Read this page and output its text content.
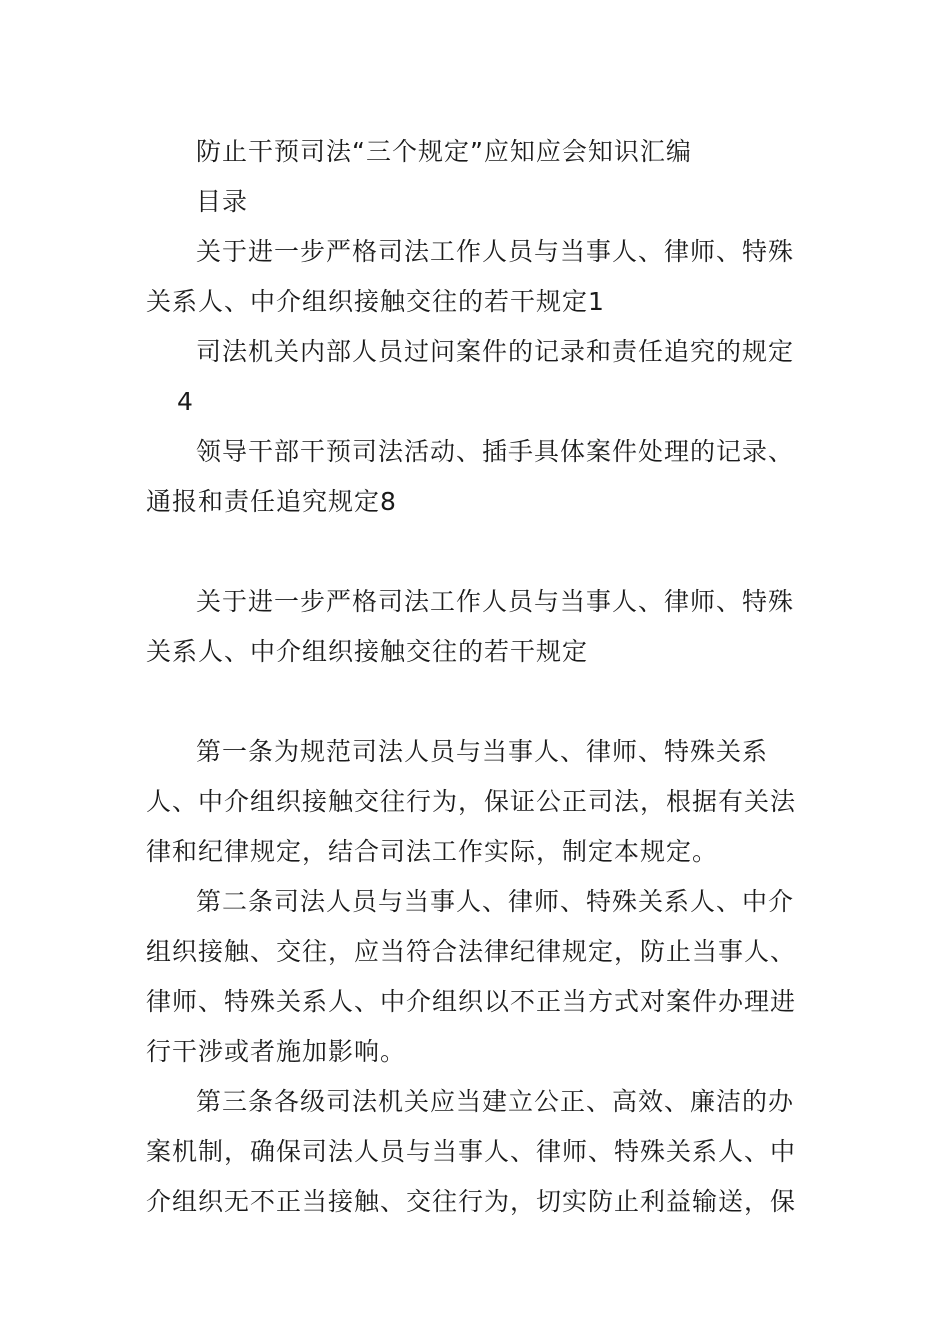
防止干预司法“三个规定”应知应会知识汇编
目录
关于进一步严格司法工作人员与当事人、律师、特殊
关系人、中介组织接触交往的若干规定1
司法机关内部人员过问案件的记录和责任追究的规定
4
领导干部干预司法活动、插手具体案件处理的记录、
通报和责任追究规定8
关于进一步严格司法工作人员与当事人、律师、特殊
关系人、中介组织接触交往的若干规定
第一条为规范司法人员与当事人、律师、特殊关系
人、中介组织接触交往行为，保证公正司法，根据有关法
律和纪律规定，结合司法工作实际，制定本规定。
第二条司法人员与当事人、律师、特殊关系人、中介
组织接触、交往，应当符合法律纪律规定，防止当事人、
律师、特殊关系人、中介组织以不正当方式对案件办理进
行干涉或者施加影响。
第三条各级司法机关应当建立公正、高效、廉洁的办
案机制，确保司法人员与当事人、律师、特殊关系人、中
介组织无不正当接触、交往行为，切实防止利益输送，保
